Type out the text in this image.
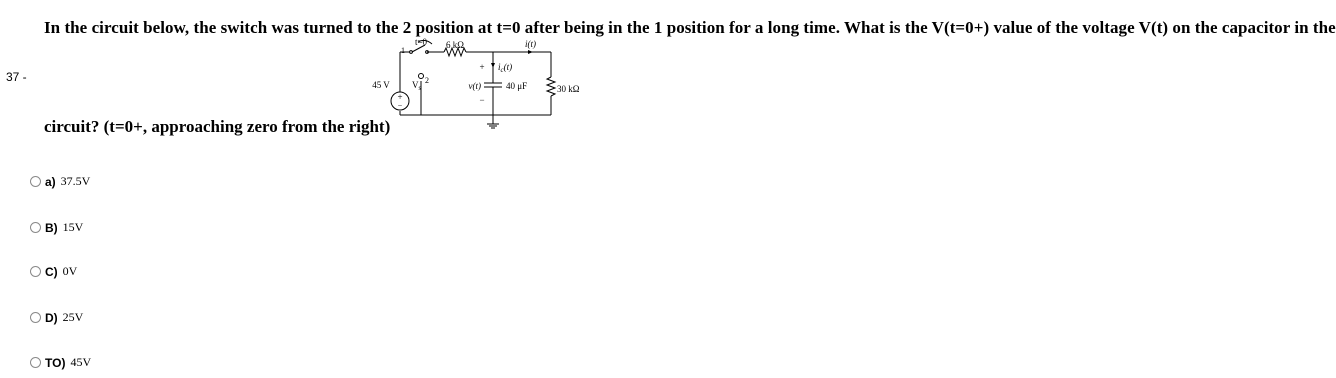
37 -
In the circuit below, the switch was turned to the 2 position at t=0 after being in the 1 position for a long time. What is the V(t=0+) value of the voltage V(t) on the capacitor in the
circuit? (t=0+, approaching zero from the right)
+
−
t=0
1
2
6 kΩ	i(t)
+ $i_c(t)$
45 V $V_s$	v(t)	40 μF
−
30 kΩ
a) 37.5V
B) 15V
C) 0V
D) 25V
TO) 45V
